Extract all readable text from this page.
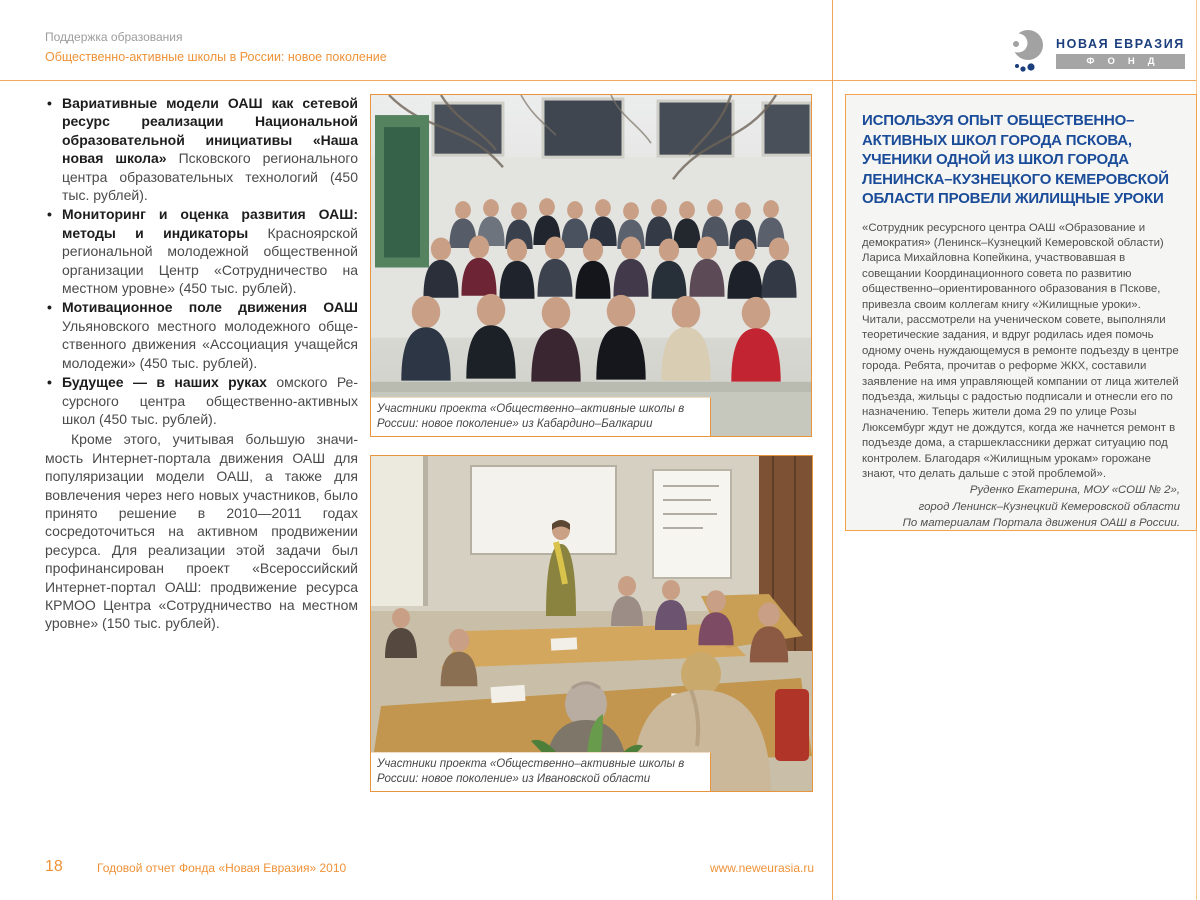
Поддержка образования
Общественно-активные школы в России: новое поколение
НОВАЯ ЕВРАЗИЯ
ФОНД
• Вариативные модели ОАШ как сетевой ресурс реализации Национальной образовательной инициативы «Наша новая школа» Псковского регионального центра образовательных технологий (450 тыс. рублей).
• Мониторинг и оценка развития ОАШ: методы и индикаторы Красноярской региональной молодежной общественной организации Центр «Сотрудничество на местном уровне» (450 тыс. рублей).
• Мотивационное поле движения ОАШ Ульяновского местного молодежного общественного движения «Ассоциация учащейся молодежи» (450 тыс. рублей).
• Будущее — в наших руках омского Ресурсного центра общественно-активных школ (450 тыс. рублей).

Кроме этого, учитывая большую значимость Интернет-портала движения ОАШ для популяризации модели ОАШ, а также для вовлечения через него новых участников, было принято решение в 2010—2011 годах сосредоточиться на активном продвижении ресурса. Для реализации этой задачи был профинансирован проект «Всероссийский Интернет-портал ОАШ: продвижение ресурса КРМОО Центра «Сотрудничество на местном уровне» (150 тыс. рублей).

Участники проекта «Общественно–активные школы в России: новое поколение» из Кабардино–Балкарии
Участники проекта «Общественно–активные школы в России: новое поколение» из Ивановской области
ИСПОЛЬЗУЯ ОПЫТ ОБЩЕСТВЕННО–АКТИВНЫХ ШКОЛ ГОРОДА ПСКОВА, УЧЕНИКИ ОДНОЙ ИЗ ШКОЛ ГОРОДА ЛЕНИНСКА–КУЗНЕЦКОГО КЕМЕРОВСКОЙ ОБЛАСТИ ПРОВЕЛИ ЖИЛИЩНЫЕ УРОКИ
«Сотрудник ресурсного центра ОАШ «Образование и демократия» (Ленинск–Кузнецкий Кемеровской области) Лариса Михайловна Копейкина, участвовавшая в совещании Координационного совета по развитию общественно–ориентированного образования в Пскове, привезла своим коллегам книгу «Жилищные уроки». Читали, рассмотрели на ученическом совете, выполняли теоретические задания, и вдруг родилась идея помочь одному очень нуждающемуся в ремонте подъезду в центре города. Ребята, прочитав о реформе ЖКХ, составили заявление на имя управляющей компании от лица жителей подъезда, жильцы с радостью подписали и отнесли его по назначению. Теперь жители дома 29 по улице Розы Люксембург ждут не дождутся, когда же начнется ремонт в подъезде дома, а старшеклассники держат ситуацию под контролем. Благодаря «Жилищным урокам» горожане знают, что делать дальше с этой проблемой».
Руденко Екатерина, МОУ «СОШ № 2»,
город Ленинск–Кузнецкий Кемеровской области
По материалам Портала движения ОАШ в России.
18	Годовой отчет Фонда «Новая Евразия» 2010	www.neweurasia.ru
